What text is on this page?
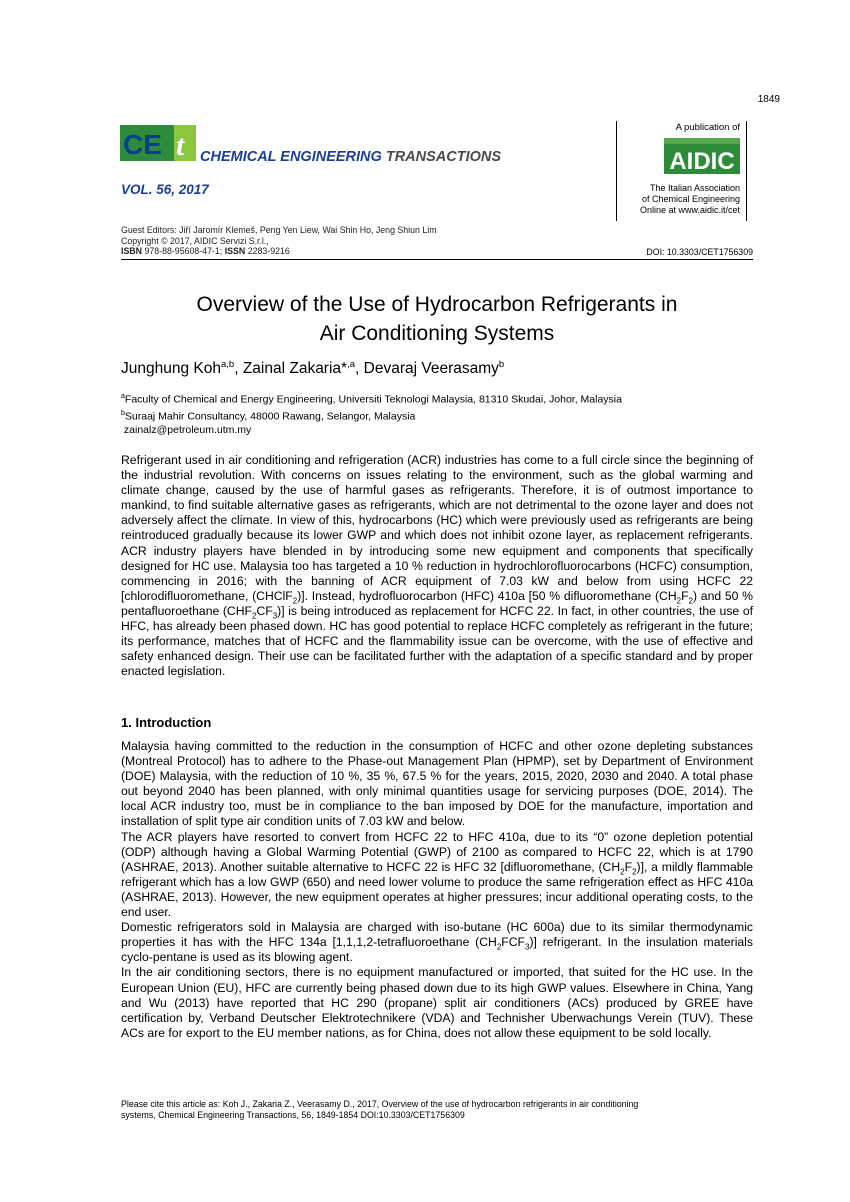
1849
CE t CHEMICAL ENGINEERING TRANSACTIONS
VOL. 56, 2017
A publication of
AIDIC
The Italian Association
of Chemical Engineering
Online at www.aidic.it/cet
Guest Editors: Jiří Jaromír Klemeš, Peng Yen Liew, Wai Shin Ho, Jeng Shiun Lim
Copyright © 2017, AIDIC Servizi S.r.l.,
ISBN 978-88-95608-47-1; ISSN 2283-9216	DOI: 10.3303/CET1756309
Overview of the Use of Hydrocarbon Refrigerants in
Air Conditioning Systems
Junghung Koh$^{a,b}$, Zainal Zakaria*$^{,a}$, Devaraj Veerasamy$^b$
$^a$Faculty of Chemical and Energy Engineering, Universiti Teknologi Malaysia, 81310 Skudai, Johor, Malaysia
$^b$Suraaj Mahir Consultancy, 48000 Rawang, Selangor, Malaysia
zainalz@petroleum.utm.my
Refrigerant used in air conditioning and refrigeration (ACR) industries has come to a full circle since the beginning of the industrial revolution. With concerns on issues relating to the environment, such as the global warming and climate change, caused by the use of harmful gases as refrigerants. Therefore, it is of outmost importance to mankind, to find suitable alternative gases as refrigerants, which are not detrimental to the ozone layer and does not adversely affect the climate. In view of this, hydrocarbons (HC) which were previously used as refrigerants are being reintroduced gradually because its lower GWP and which does not inhibit ozone layer, as replacement refrigerants. ACR industry players have blended in by introducing some new equipment and components that specifically designed for HC use. Malaysia too has targeted a 10 % reduction in hydrochlorofluorocarbons (HCFC) consumption, commencing in 2016; with the banning of ACR equipment of 7.03 kW and below from using HCFC 22 [chlorodifluoromethane, (CHClF$_2$)]. Instead, hydrofluorocarbon (HFC) 410a [50 % difluoromethane $(CH_2F_2)$ and 50 % pentafluoroethane $(CHF_2CF_3)$] is being introduced as replacement for HCFC 22. In fact, in other countries, the use of HFC, has already been phased down. HC has good potential to replace HCFC completely as refrigerant in the future; its performance, matches that of HCFC and the flammability issue can be overcome, with the use of effective and safety enhanced design. Their use can be facilitated further with the adaptation of a specific standard and by proper enacted legislation.
1. Introduction

Malaysia having committed to the reduction in the consumption of HCFC and other ozone depleting substances (Montreal Protocol) has to adhere to the Phase-out Management Plan (HPMP), set by Department of Environment (DOE) Malaysia, with the reduction of 10 %, 35 %, 67.5 % for the years, 2015, 2020, 2030 and 2040. A total phase out beyond 2040 has been planned, with only minimal quantities usage for servicing purposes (DOE, 2014). The local ACR industry too, must be in compliance to the ban imposed by DOE for the manufacture, importation and installation of split type air condition units of 7.03 kW and below.

The ACR players have resorted to convert from HCFC 22 to HFC 410a, due to its “0” ozone depletion potential (ODP) although having a Global Warming Potential (GWP) of 2100 as compared to HCFC 22, which is at 1790 (ASHRAE, 2013). Another suitable alternative to HCFC 22 is HFC 32 [difluoromethane, $(CH_2F_2)$], a mildly flammable refrigerant which has a low GWP (650) and need lower volume to produce the same refrigeration effect as HFC 410a (ASHRAE, 2013). However, the new equipment operates at higher pressures; incur additional operating costs, to the end user.

Domestic refrigerators sold in Malaysia are charged with iso-butane (HC 600a) due to its similar thermodynamic properties it has with the HFC 134a [1,1,1,2-tetrafluoroethane $(CH_2FCF_3)$] refrigerant. In the insulation materials cyclo-pentane is used as its blowing agent.

In the air conditioning sectors, there is no equipment manufactured or imported, that suited for the HC use. In the European Union (EU), HFC are currently being phased down due to its high GWP values. Elsewhere in China, Yang and Wu (2013) have reported that HC 290 (propane) split air conditioners (ACs) produced by GREE have certification by, Verband Deutscher Elektrotechnikere (VDA) and Technisher Uberwachungs Verein (TUV). These ACs are for export to the EU member nations, as for China, does not allow these equipment to be sold locally.

Please cite this article as: Koh J., Zakaria Z., Veerasamy D., 2017, Overview of the use of hydrocarbon refrigerants in air conditioning
systems, Chemical Engineering Transactions, 56, 1849-1854 DOI:10.3303/CET1756309
